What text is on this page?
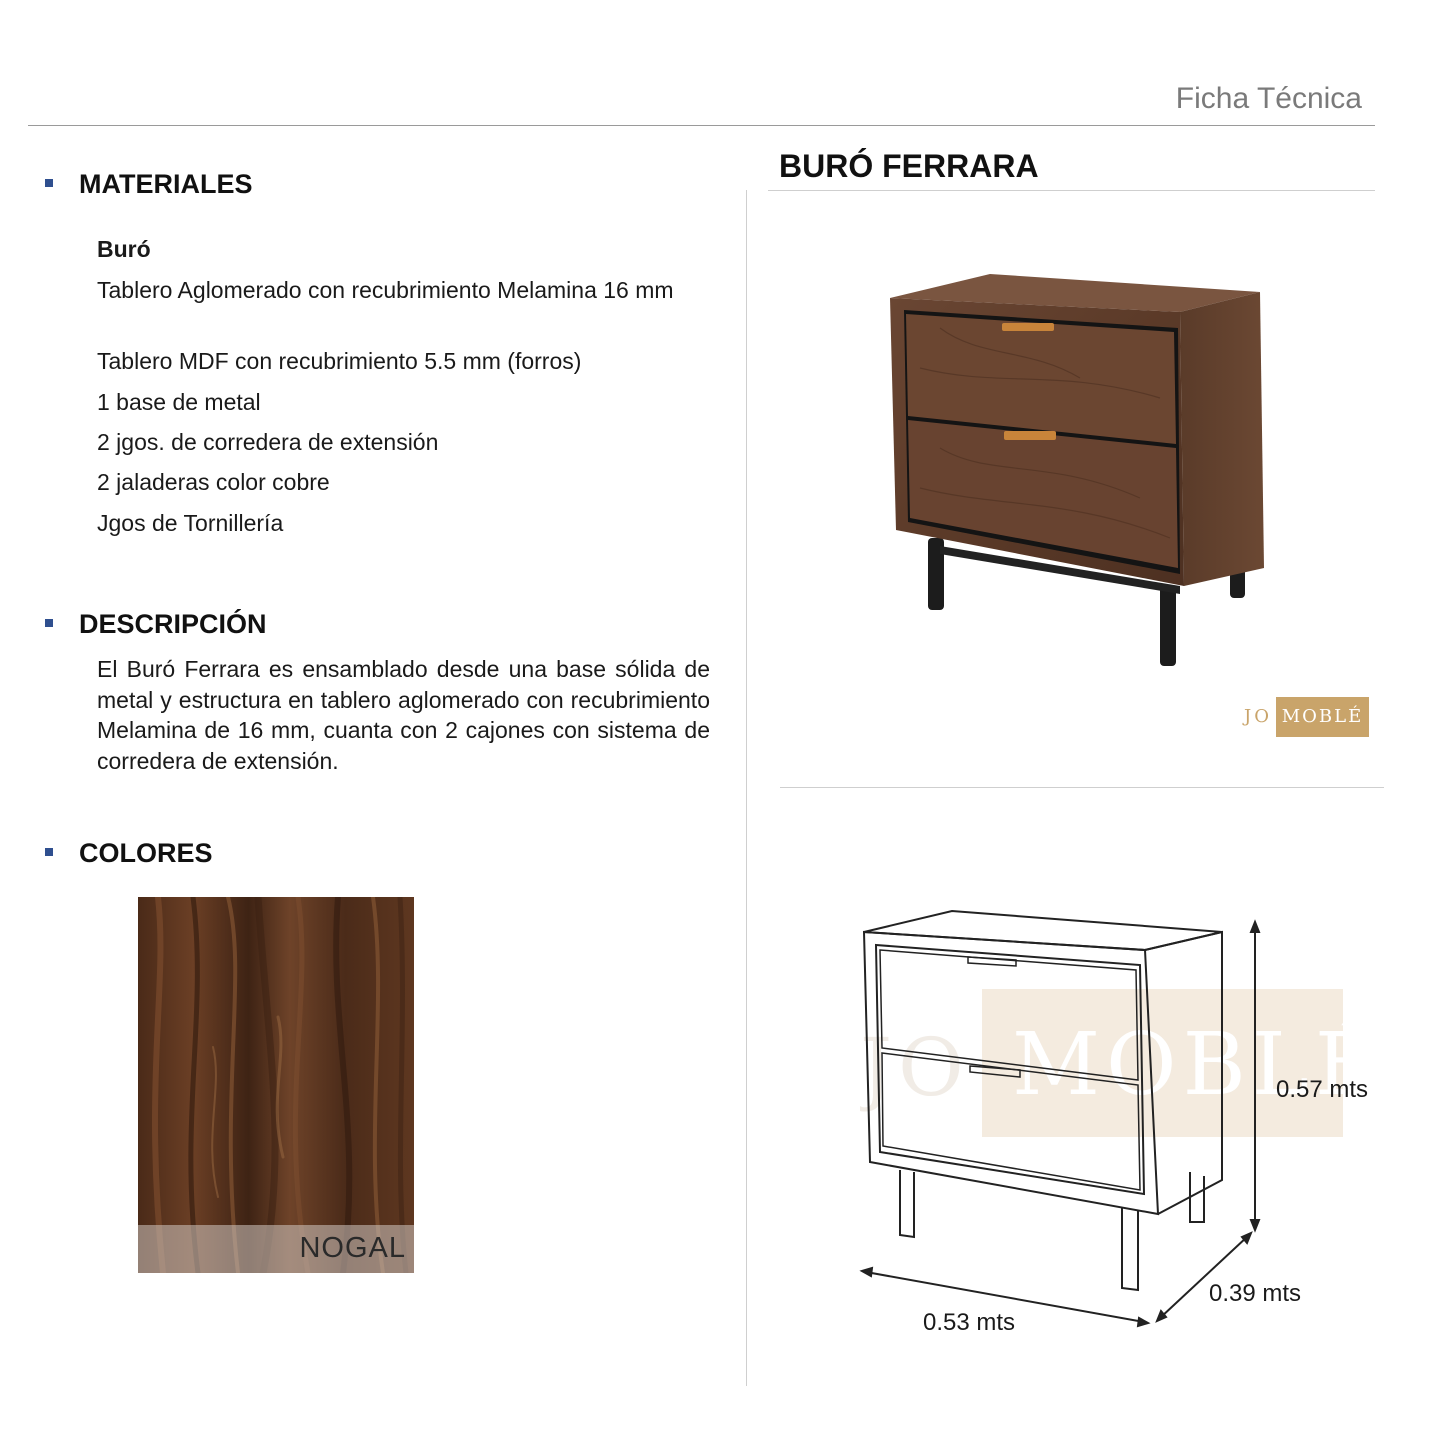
Ficha Técnica
MATERIALES
Buró
Tablero Aglomerado con recubrimiento Melamina 16 mm
Tablero MDF con recubrimiento 5.5 mm (forros)
1 base de metal
2 jgos. de corredera de extensión
2 jaladeras color cobre
Jgos de Tornillería
DESCRIPCIÓN
El Buró Ferrara es ensamblado desde una base sólida de metal y estructura en tablero aglomerado con recubrimiento Melamina de 16 mm, cuanta con 2 cajones con sistema de corredera de extensión.
COLORES
NOGAL
BURÓ FERRARA
JO MOBLÉ
MOBL
JO	0.57 mts
0.39 mts
0.53 mts
